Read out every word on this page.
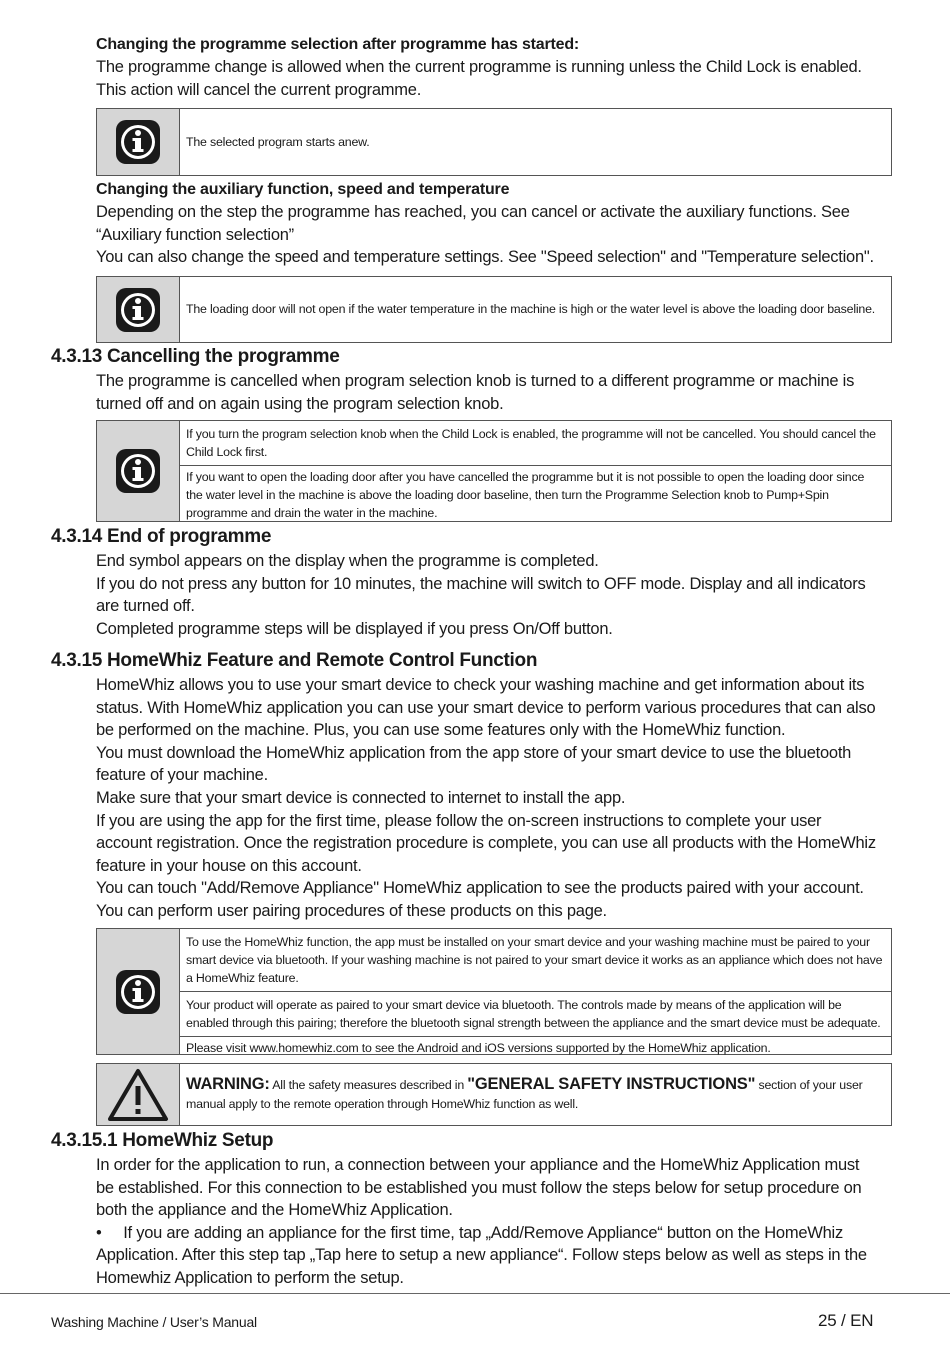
Changing the programme selection after programme has started:

The programme change is allowed when the current programme is running unless the Child Lock is enabled.

This action will cancel the current programme.

The selected program starts anew.

Changing the auxiliary function, speed and temperature

Depending on the step the programme has reached, you can cancel or activate the auxiliary functions. See

“Auxiliary function selection”

You can also change the speed and temperature settings. See "Speed selection" and "Temperature selection".

The loading door will not open if the water temperature in the machine is high or the water level is above the loading door baseline.
4.3.13 Cancelling the programme

The programme is cancelled when program selection knob is turned to a different programme or machine is

turned off and on again using the program selection knob.

If you turn the program selection knob when the Child Lock is enabled, the programme will not be cancelled. You should cancel the Child Lock first.
If you want to open the loading door after you have cancelled the programme but it is not possible to open the loading door since the water level in the machine is above the loading door baseline, then turn the Programme Selection knob to Pump+Spin programme and drain the water in the machine.
4.3.14 End of programme

End symbol appears on the display when the programme is completed.

If you do not press any button for 10 minutes, the machine will switch to OFF mode. Display and all indicators

are turned off.

Completed programme steps will be displayed if you press On/Off button.

4.3.15 HomeWhiz Feature and Remote Control Function

HomeWhiz allows you to use your smart device to check your washing machine and get information about its

status. With HomeWhiz application you can use your smart device to perform various procedures that can also

be performed on the machine. Plus, you can use some features only with the HomeWhiz function.

You must download the HomeWhiz application from the app store of your smart device to use the bluetooth

feature of your machine.

Make sure that your smart device is connected to internet to install the app.

If you are using the app for the first time, please follow the on-screen instructions to complete your user

account registration. Once the registration procedure is complete, you can use all products with the HomeWhiz

feature in your house on this account.

You can touch "Add/Remove Appliance" HomeWhiz application to see the products paired with your account.

You can perform user pairing procedures of these products on this page.

To use the HomeWhiz function, the app must be installed on your smart device and your washing machine must be paired to your smart device via bluetooth. If your washing machine is not paired to your smart device it works as an appliance which does not have a HomeWhiz feature.
Your product will operate as paired to your smart device via bluetooth. The controls made by means of the application will be enabled through this pairing; therefore the bluetooth signal strength between the appliance and the smart device must be adequate.
Please visit www.homewhiz.com to see the Android and iOS versions supported by the HomeWhiz application.
WARNING: All the safety measures described in "GENERAL SAFETY INSTRUCTIONS" section of your user manual apply to the remote operation through HomeWhiz function as well.
4.3.15.1 HomeWhiz Setup

In order for the application to run, a connection between your appliance and the HomeWhiz Application must

be established. For this connection to be established you must follow the steps below for setup procedure on

both the appliance and the HomeWhiz Application.

•     If you are adding an appliance for the first time, tap „Add/Remove Appliance“ button on the HomeWhiz

Application. After this step tap „Tap here to setup a new appliance“. Follow steps below as well as steps in the

Homewhiz Application to perform the setup.

Washing Machine / User’s Manual	25 / EN
